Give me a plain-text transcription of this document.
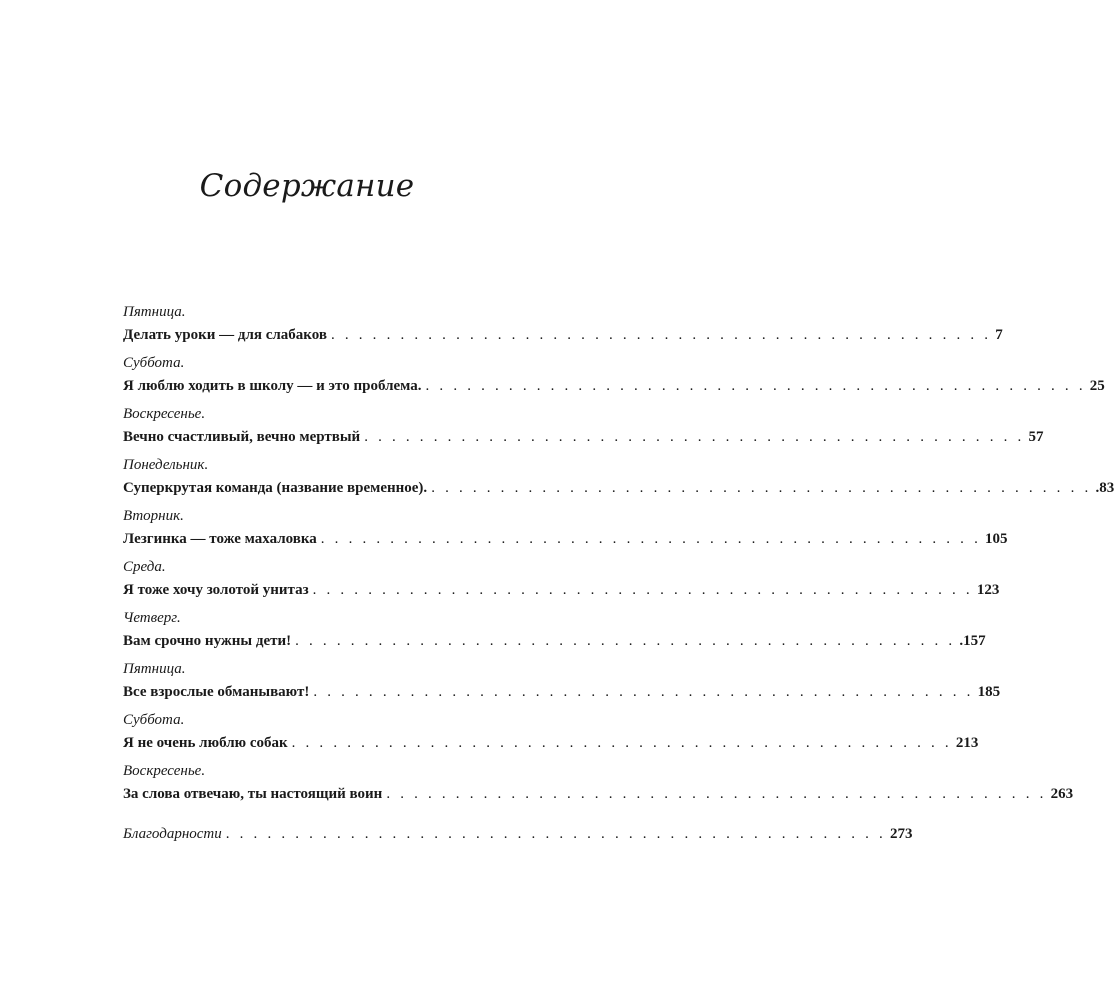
Содержание
Пятница.
Делать уроки — для слабаков . . . . . . . . . . . . . . . . . . . . . . . . . . . . . . . . . . . . . . . . . . . . . . . . 7
Суббота.
Я люблю ходить в школу — и это проблема. . . . . . . . . . . . . . . . . . . . . . . . . . . . . . . . . . . . . . . . . . . . . . . . . 25
Воскресенье.
Вечно счастливый, вечно мертвый . . . . . . . . . . . . . . . . . . . . . . . . . . . . . . . . . . . . . . . . . . . . . . . . 57
Понедельник.
Суперкрутая команда (название временное). . . . . . . . . . . . . . . . . . . . . . . . . . . . . . . . . . . . . . . . . . . . . . . . . .83
Вторник.
Лезгинка — тоже махаловка . . . . . . . . . . . . . . . . . . . . . . . . . . . . . . . . . . . . . . . . . . . . . . . . 105
Среда.
Я тоже хочу золотой унитаз . . . . . . . . . . . . . . . . . . . . . . . . . . . . . . . . . . . . . . . . . . . . . . . . 123
Четверг.
Вам срочно нужны дети! . . . . . . . . . . . . . . . . . . . . . . . . . . . . . . . . . . . . . . . . . . . . . . . . .157
Пятница.
Все взрослые обманывают! . . . . . . . . . . . . . . . . . . . . . . . . . . . . . . . . . . . . . . . . . . . . . . . . 185
Суббота.
Я не очень люблю собак . . . . . . . . . . . . . . . . . . . . . . . . . . . . . . . . . . . . . . . . . . . . . . . . 213
Воскресенье.
За слова отвечаю, ты настоящий воин . . . . . . . . . . . . . . . . . . . . . . . . . . . . . . . . . . . . . . . . . . . . . . . . 263
Благодарности . . . . . . . . . . . . . . . . . . . . . . . . . . . . . . . . . . . . . . . . . . . . . . . . 273
